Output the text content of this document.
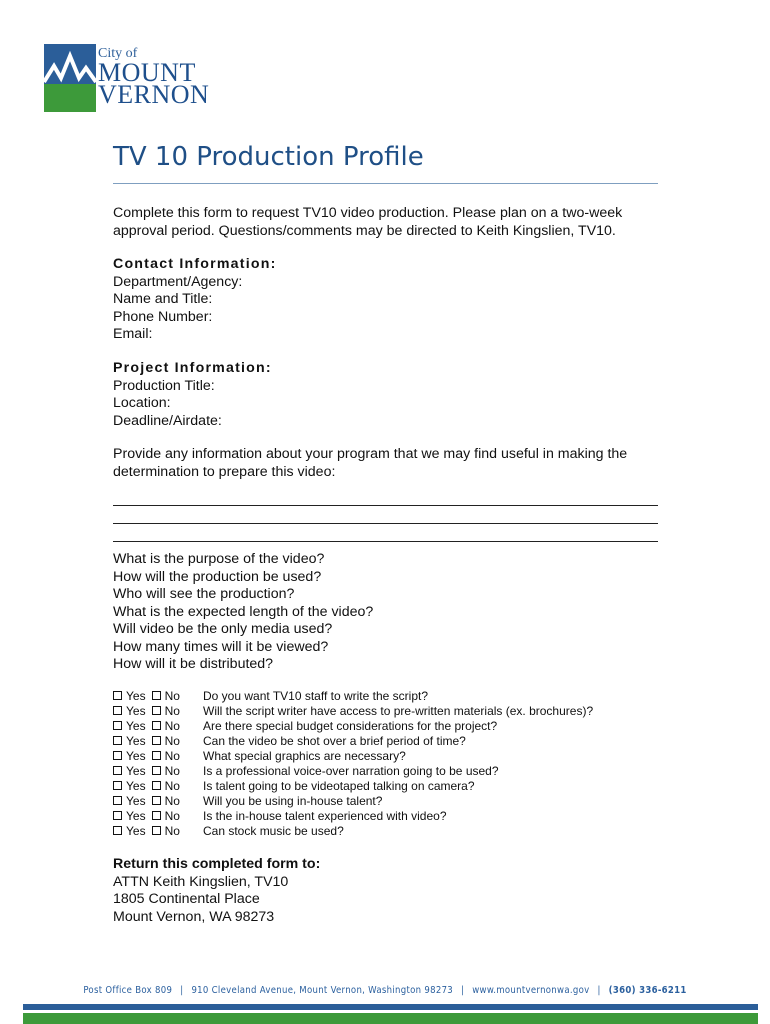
City of
MOUNT
VERNON
TV 10 Production Profile
Complete this form to request TV10 video production. Please plan on a two-week approval period. Questions/comments may be directed to Keith Kingslien, TV10.
Contact Information:
Department/Agency:
Name and Title:
Phone Number:
Email:
Project Information:
Production Title:
Location:
Deadline/Airdate:
Provide any information about your program that we may find useful in making the determination to prepare this video:
What is the purpose of the video?
How will the production be used?
Who will see the production?
What is the expected length of the video?
Will video be the only media used?
How many times will it be viewed?
How will it be distributed?
Yes No Do you want TV10 staff to write the script?
Yes No Will the script writer have access to pre-written materials (ex. brochures)?
Yes No Are there special budget considerations for the project?
Yes No Can the video be shot over a brief period of time?
Yes No What special graphics are necessary?
Yes No Is a professional voice-over narration going to be used?
Yes No Is talent going to be videotaped talking on camera?
Yes No Will you be using in-house talent?
Yes No Is the in-house talent experienced with video?
Yes No Can stock music be used?
Return this completed form to:
ATTN Keith Kingslien, TV10
1805 Continental Place
Mount Vernon, WA 98273
Post Office Box 809 | 910 Cleveland Avenue, Mount Vernon, Washington 98273 | www.mountvernonwa.gov | (360) 336-6211
